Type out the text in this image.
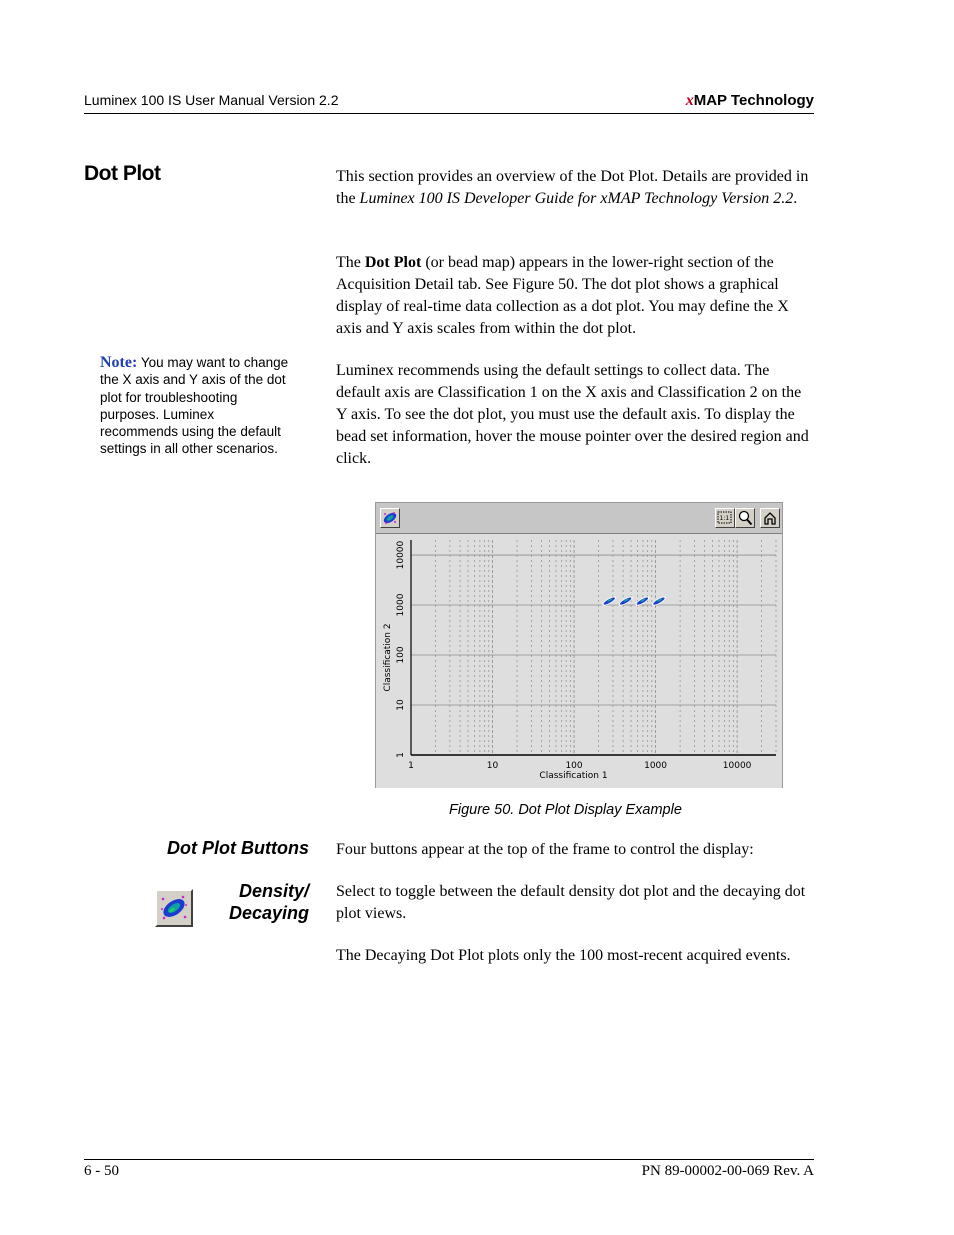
Luminex 100 IS User Manual Version 2.2	xMAP Technology
Dot Plot	This section provides an overview of the Dot Plot. Details are provided in the Luminex 100 IS Developer Guide for xMAP Technology Version 2.2.
The Dot Plot (or bead map) appears in the lower-right section of the Acquisition Detail tab. See Figure 50. The dot plot shows a graphical display of real-time data collection as a dot plot. You may define the X axis and Y axis scales from within the dot plot.
Luminex recommends using the default settings to collect data. The default axis are Classification 1 on the X axis and Classification 2 on the Y axis. To see the dot plot, you must use the default axis. To display the bead set information, hover the mouse pointer over the desired region and click.
Note: You may want to change the X axis and Y axis of the dot plot for troubleshooting purposes. Luminex recommends using the default settings in all other scenarios.
1:1
1	10	100	1000	10000
1
10
100
1000
10000
Classification 1
Classification 2
Figure 50. Dot Plot Display Example
Dot Plot Buttons Four buttons appear at the top of the frame to control the display:
Density/
Decaying
Select to toggle between the default density dot plot and the decaying dot plot views.
The Decaying Dot Plot plots only the 100 most-recent acquired events.
6 - 50	PN 89-00002-00-069 Rev. A
